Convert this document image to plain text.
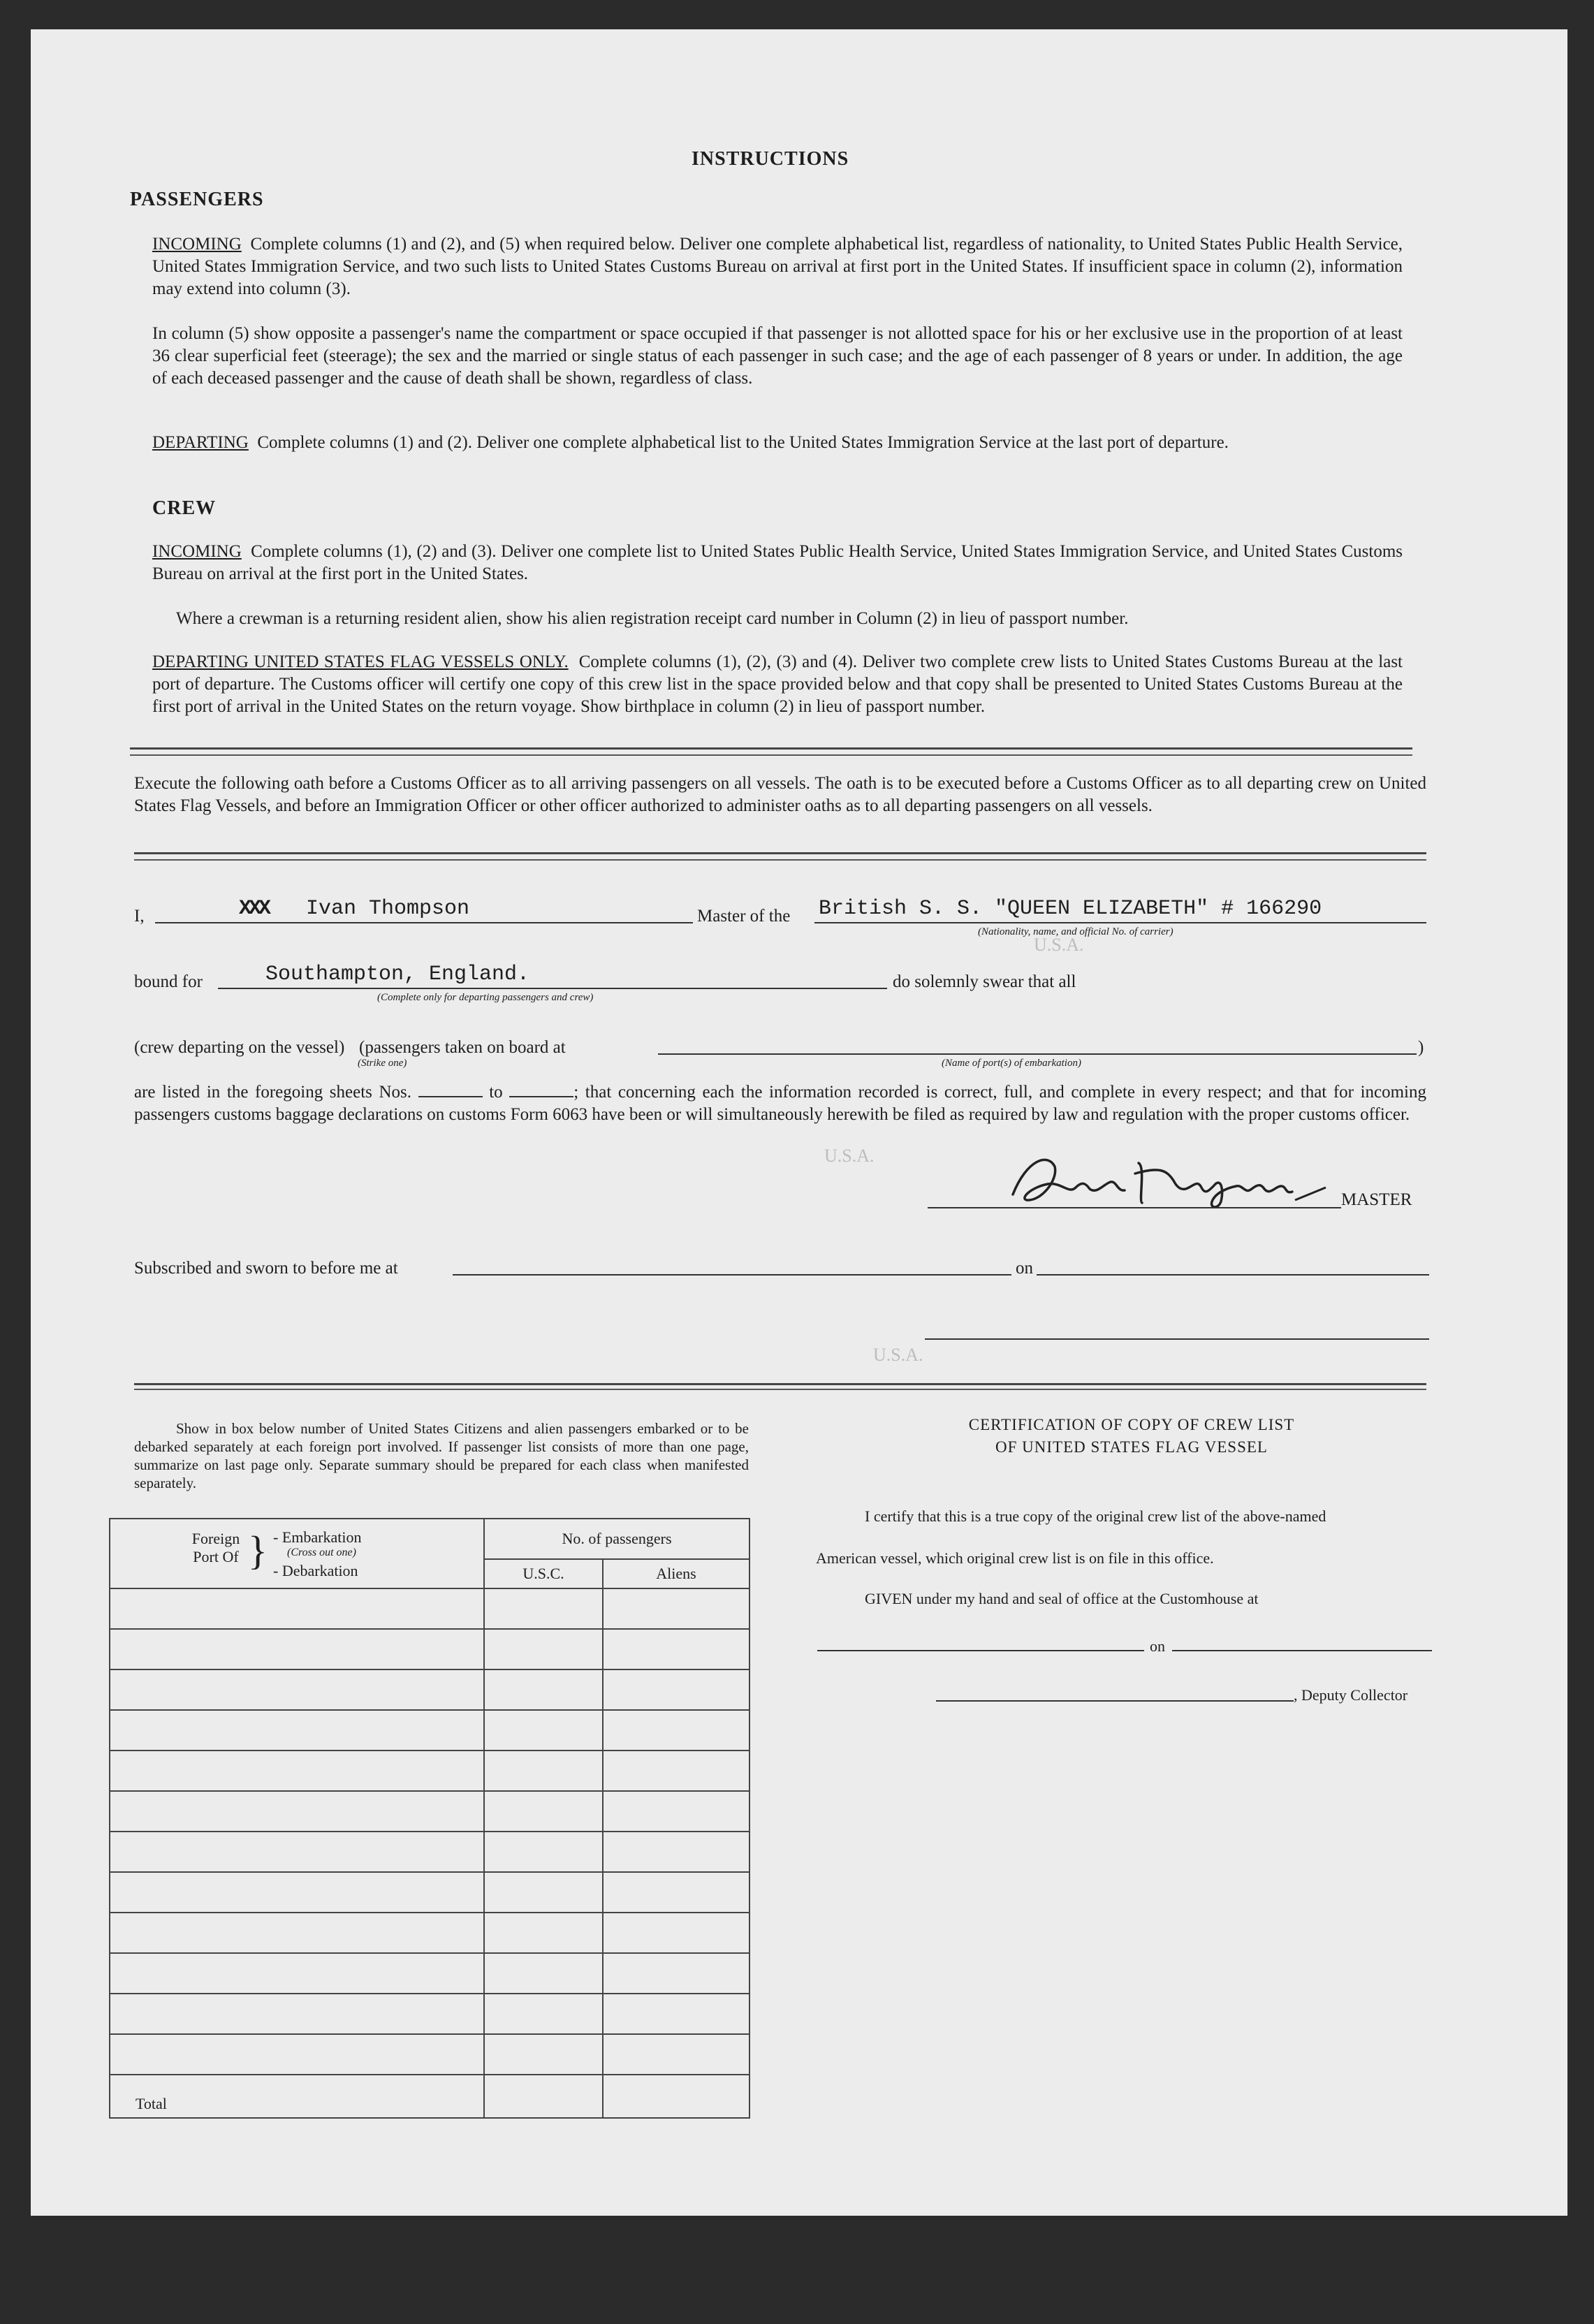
U.S.A.
U.S.A.
U.S.A.
INSTRUCTIONS
PASSENGERS
INCOMING Complete columns (1) and (2), and (5) when required below. Deliver one complete alphabetical list, regardless of nationality, to United States Public Health Service, United States Immigration Service, and two such lists to United States Customs Bureau on arrival at first port in the United States. If insufficient space in column (2), information may extend into column (3).
In column (5) show opposite a passenger's name the compartment or space occupied if that passenger is not allotted space for his or her exclusive use in the proportion of at least 36 clear superficial feet (steerage); the sex and the married or single status of each passenger in such case; and the age of each passenger of 8 years or under. In addition, the age of each deceased passenger and the cause of death shall be shown, regardless of class.
DEPARTING Complete columns (1) and (2). Deliver one complete alphabetical list to the United States Immigration Service at the last port of departure.
CREW
INCOMING Complete columns (1), (2) and (3). Deliver one complete list to United States Public Health Service, United States Immigration Service, and United States Customs Bureau on arrival at the first port in the United States.
Where a crewman is a returning resident alien, show his alien registration receipt card number in Column (2) in lieu of passport number.
DEPARTING UNITED STATES FLAG VESSELS ONLY. Complete columns (1), (2), (3) and (4). Deliver two complete crew lists to United States Customs Bureau at the last port of departure. The Customs officer will certify one copy of this crew list in the space provided below and that copy shall be presented to United States Customs Bureau at the first port of arrival in the United States on the return voyage. Show birthplace in column (2) in lieu of passport number.
Execute the following oath before a Customs Officer as to all arriving passengers on all vessels. The oath is to be executed before a Customs Officer as to all departing crew on United States Flag Vessels, and before an Immigration Officer or other officer authorized to administer oaths as to all departing passengers on all vessels.
I,	XXX Ivan Thompson	Master of the British S. S. "QUEEN ELIZABETH" # 166290
(Nationality, name, and official No. of carrier)
bound for	Southampton, England.
(Complete only for departing passengers and crew)
do solemnly swear that all
(crew departing on the vessel) (passengers taken on board at	)
(Strike one)	(Name of port(s) of embarkation)
are listed in the foregoing sheets Nos.	to	; that concerning each the information recorded is correct, full, and complete in every respect; and that for incoming passengers customs baggage declarations on customs Form 6063 have been or will simultaneously herewith be filed as required by law and regulation with the proper customs officer.
MASTER
Subscribed and sworn to before me at	on
Show in box below number of United States Citizens and alien passengers embarked or to be debarked separately at each foreign port involved. If passenger list consists of more than one page, summarize on last page only. Separate summary should be prepared for each class when manifested separately.
Foreign Port Of } - Embarkation
(Cross out one)
- Debarkation	No. of passengers	
	U.S.C.	Aliens

Total		
CERTIFICATION OF COPY OF CREW LIST
OF UNITED STATES FLAG VESSEL
I certify that this is a true copy of the original crew list of the above-named
American vessel, which original crew list is on file in this office.
GIVEN under my hand and seal of office at the Customhouse at
on
, Deputy Collector
